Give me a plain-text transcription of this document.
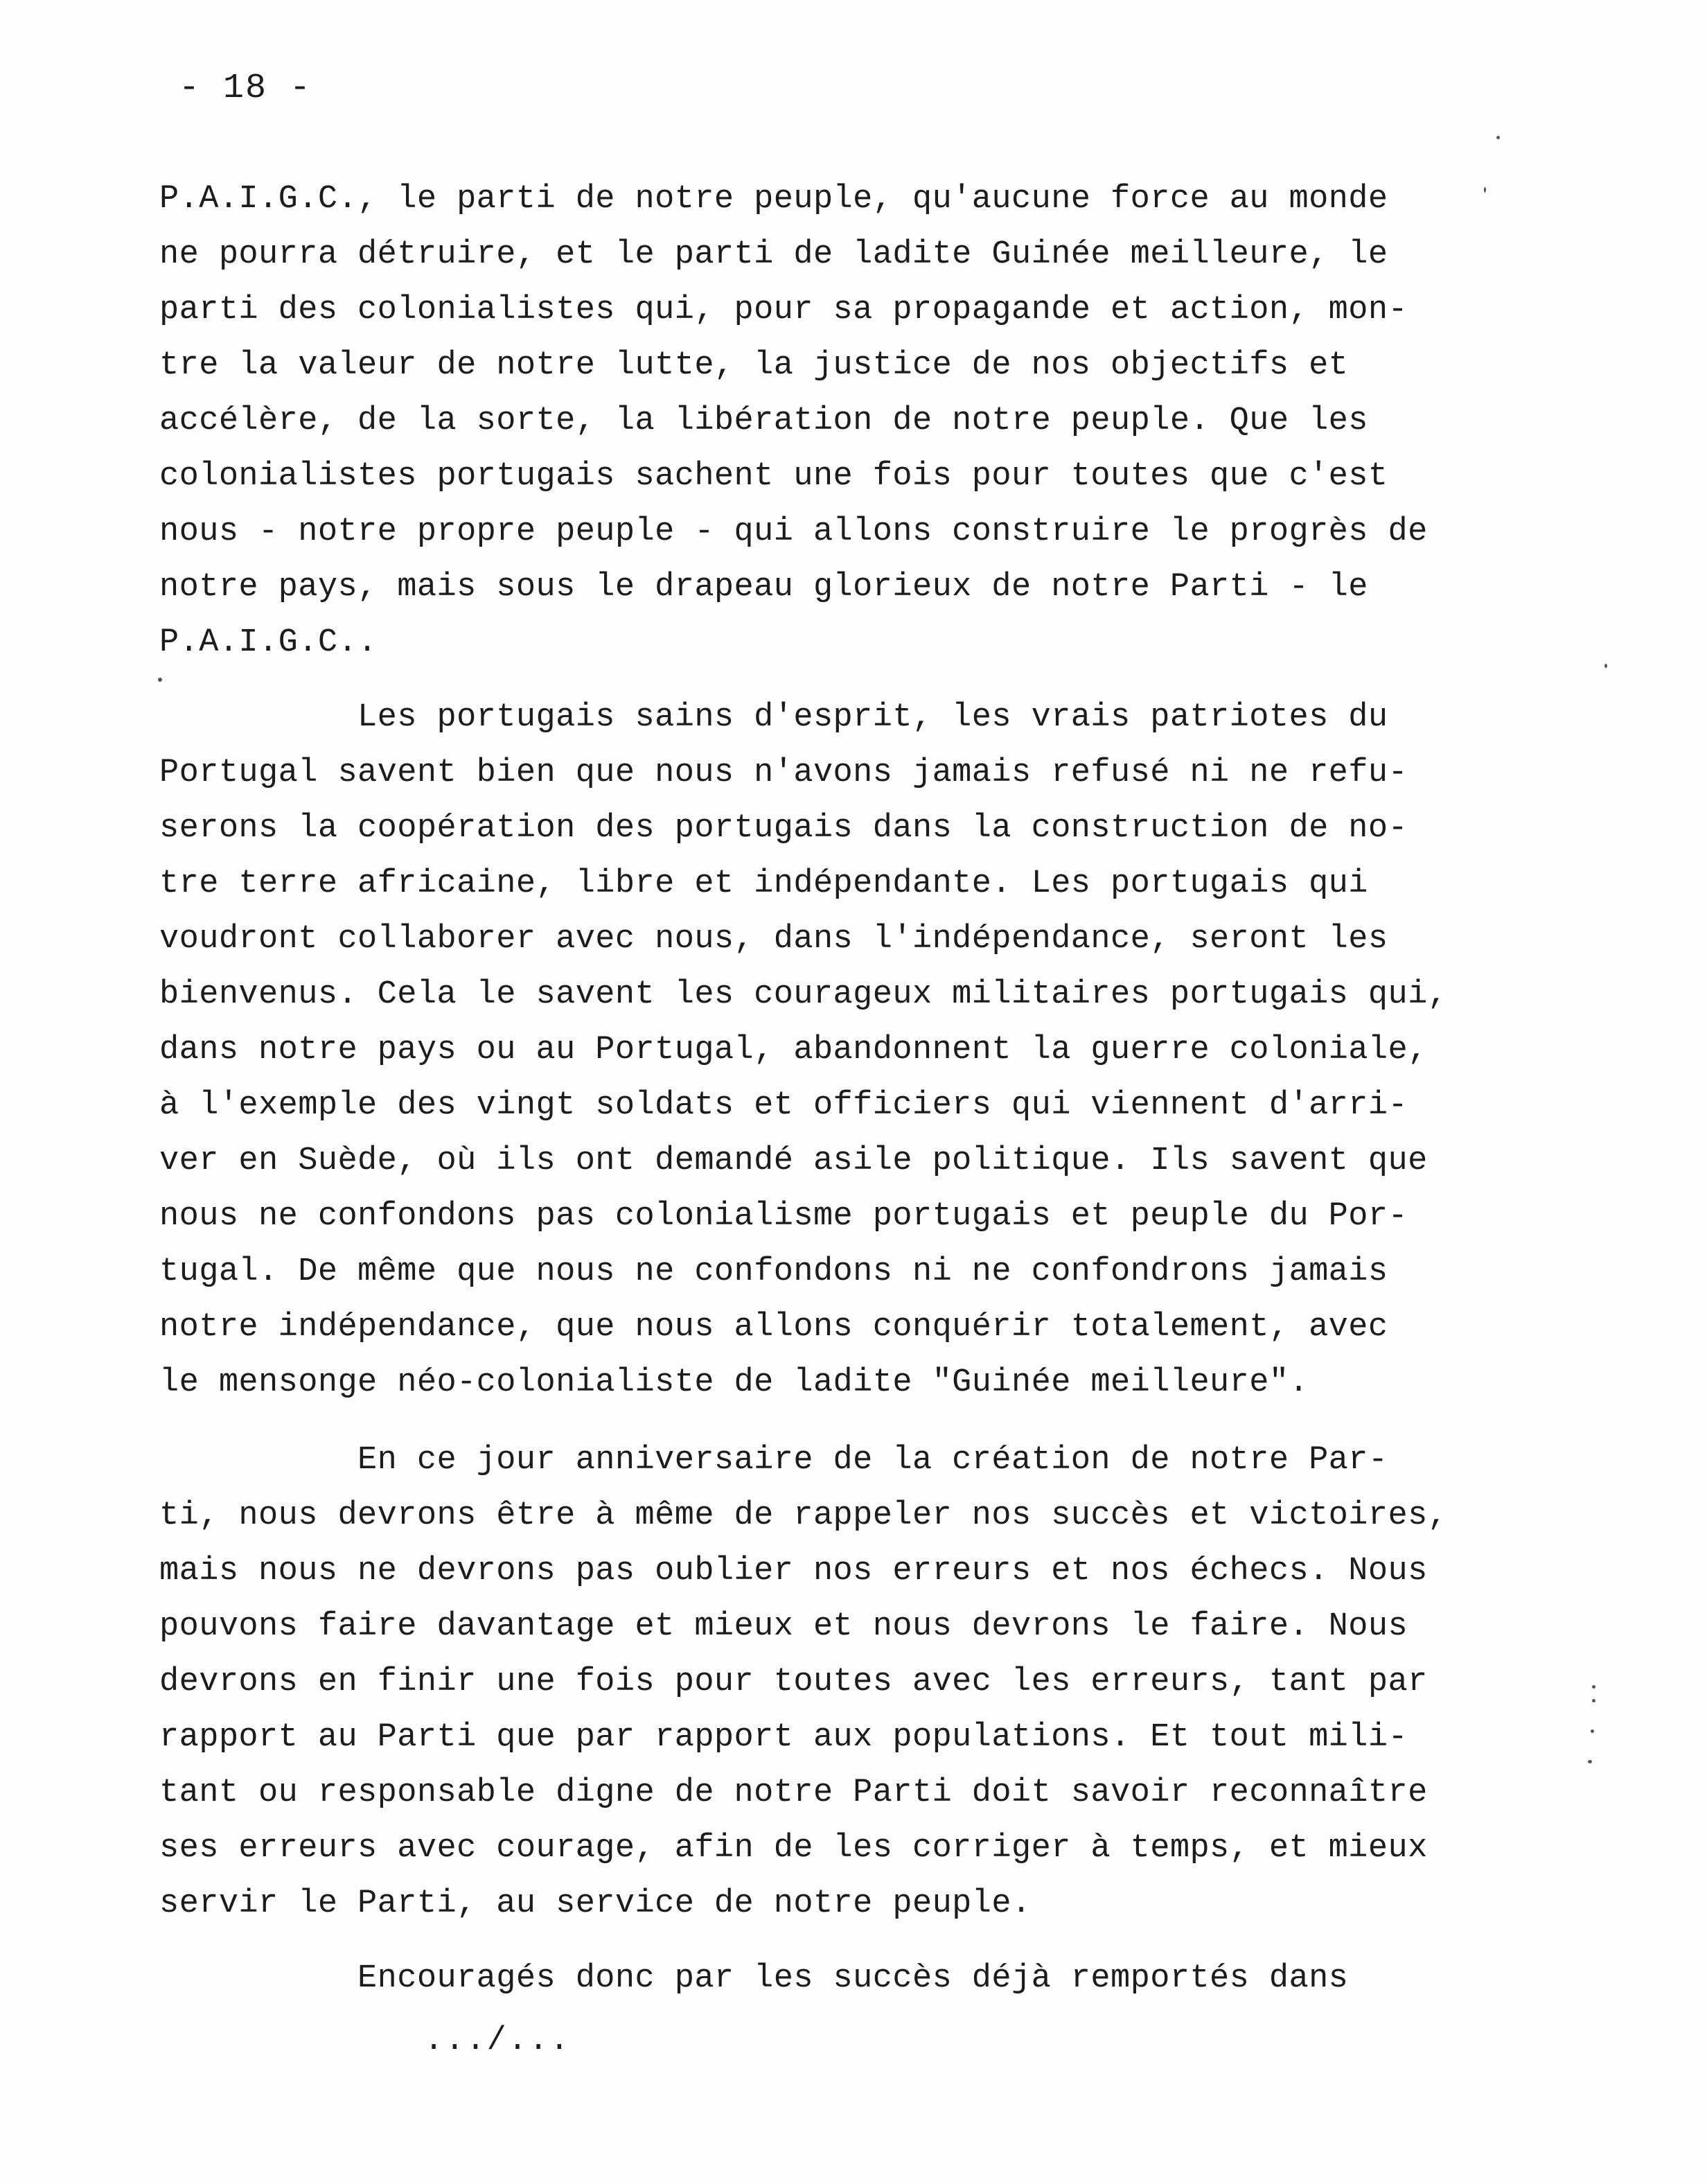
- 18 -
P.A.I.G.C., le parti de notre peuple, qu'aucune force au monde
ne pourra détruire, et le parti de ladite Guinée meilleure, le
parti des colonialistes qui, pour sa propagande et action, mon-
tre la valeur de notre lutte, la justice de nos objectifs et
accélère, de la sorte, la libération de notre peuple. Que les
colonialistes portugais sachent une fois pour toutes que c'est
nous - notre propre peuple - qui allons construire le progrès de
notre pays, mais sous le drapeau glorieux de notre Parti - le
P.A.I.G.C..
Les portugais sains d'esprit, les vrais patriotes du
Portugal savent bien que nous n'avons jamais refusé ni ne refu-
serons la coopération des portugais dans la construction de no-
tre terre africaine, libre et indépendante. Les portugais qui
voudront collaborer avec nous, dans l'indépendance, seront les
bienvenus. Cela le savent les courageux militaires portugais qui,
dans notre pays ou au Portugal, abandonnent la guerre coloniale,
à l'exemple des vingt soldats et officiers qui viennent d'arri-
ver en Suède, où ils ont demandé asile politique. Ils savent que
nous ne confondons pas colonialisme portugais et peuple du Por-
tugal. De même que nous ne confondons ni ne confondrons jamais
notre indépendance, que nous allons conquérir totalement, avec
le mensonge néo-colonialiste de ladite "Guinée meilleure".
En ce jour anniversaire de la création de notre Par-
ti, nous devrons être à même de rappeler nos succès et victoires,
mais nous ne devrons pas oublier nos erreurs et nos échecs. Nous
pouvons faire davantage et mieux et nous devrons le faire. Nous
devrons en finir une fois pour toutes avec les erreurs, tant par
rapport au Parti que par rapport aux populations. Et tout mili-
tant ou responsable digne de notre Parti doit savoir reconnaître
ses erreurs avec courage, afin de les corriger à temps, et mieux
servir le Parti, au service de notre peuple.
Encouragés donc par les succès déjà remportés dans
.../...
